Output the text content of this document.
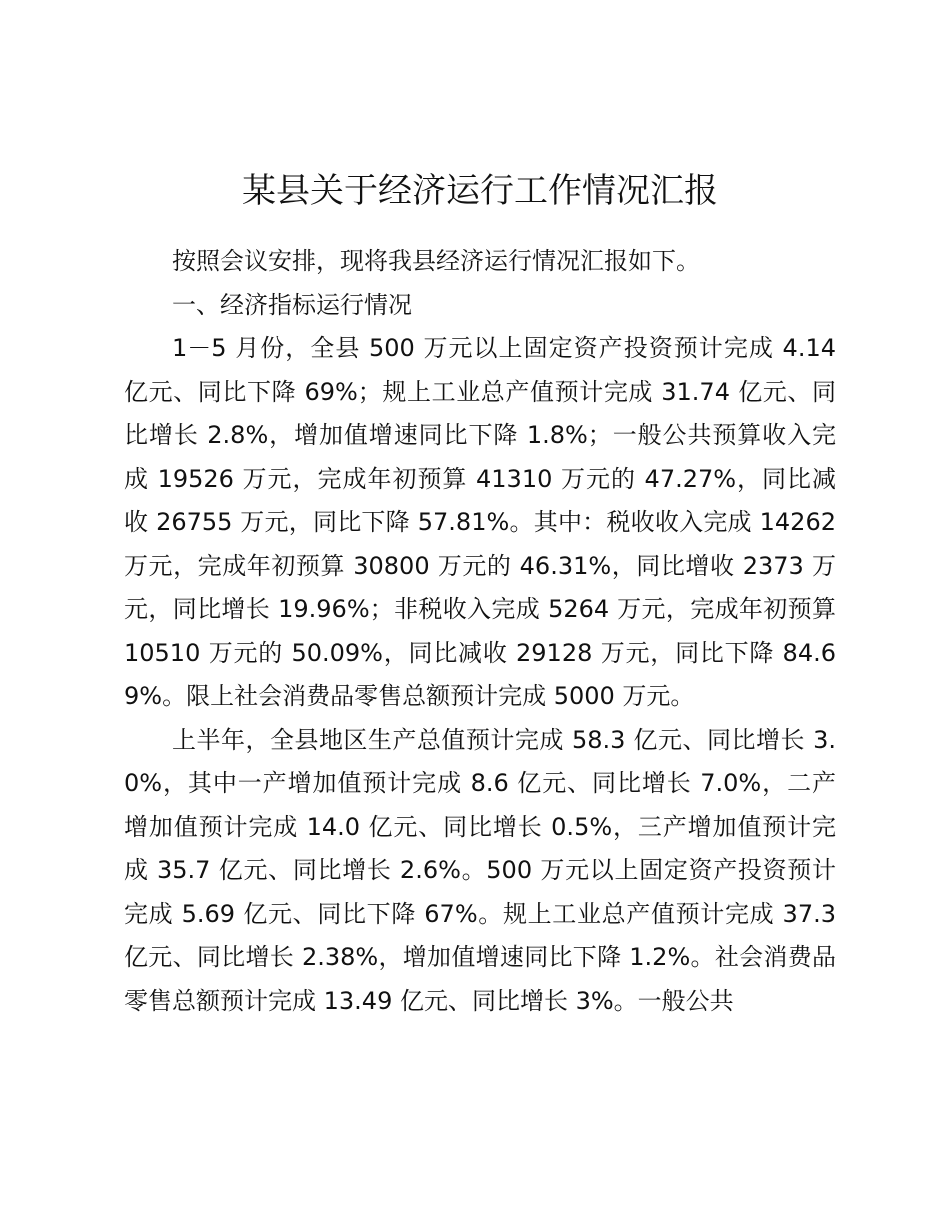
某县关于经济运行工作情况汇报

按照会议安排，现将我县经济运行情况汇报如下。

一、经济指标运行情况

1－5 月份，全县 500 万元以上固定资产投资预计完成 4.14 亿元、同比下降 69%；规上工业总产值预计完成 31.74 亿元、同比增长 2.8%，增加值增速同比下降 1.8%；一般公共预算收入完成 19526 万元，完成年初预算 41310 万元的 47.27%，同比减收 26755 万元，同比下降 57.81%。其中：税收收入完成 14262 万元，完成年初预算 30800 万元的 46.31%，同比增收 2373 万元，同比增长 19.96%；非税收入完成 5264 万元，完成年初预算 10510 万元的 50.09%，同比减收 29128 万元，同比下降 84.69%。限上社会消费品零售总额预计完成 5000 万元。

上半年，全县地区生产总值预计完成 58.3 亿元、同比增长 3.0%，其中一产增加值预计完成 8.6 亿元、同比增长 7.0%，二产增加值预计完成 14.0 亿元、同比增长 0.5%，三产增加值预计完成 35.7 亿元、同比增长 2.6%。500 万元以上固定资产投资预计完成 5.69 亿元、同比下降 67%。规上工业总产值预计完成 37.3 亿元、同比增长 2.38%，增加值增速同比下降 1.2%。社会消费品零售总额预计完成 13.49 亿元、同比增长 3%。一般公共
